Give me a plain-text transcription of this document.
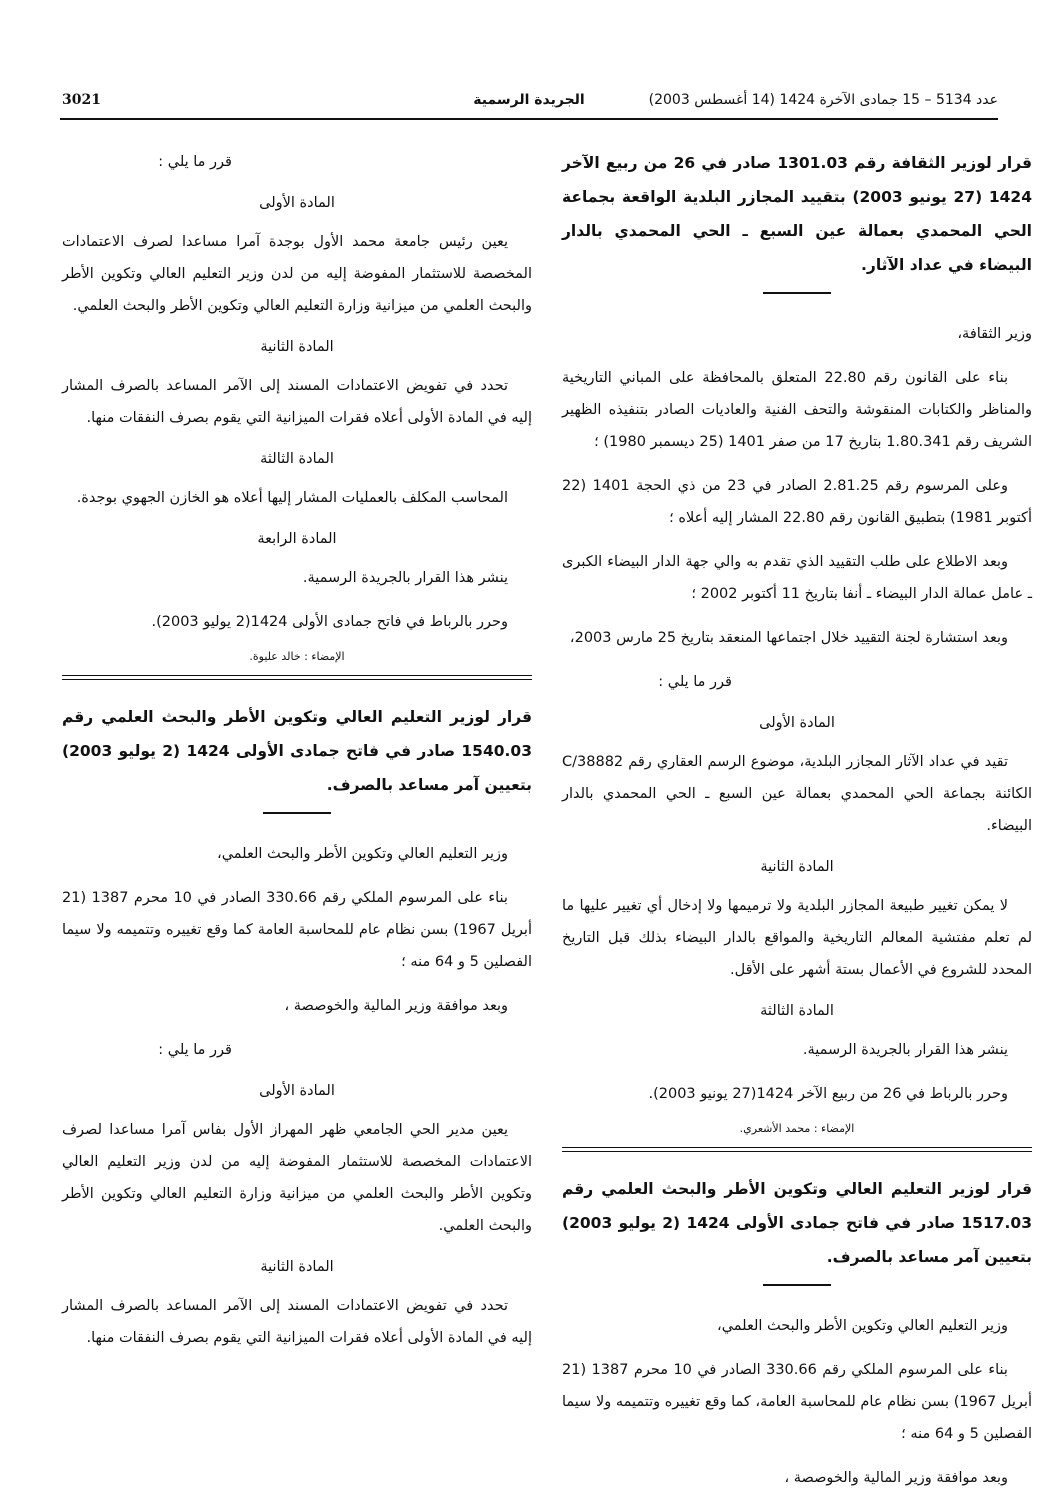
3021	الجريدة الرسمية	عدد 5134 – 15 جمادى الآخرة 1424 (14 أغسطس 2003)

قرار لوزير الثقافة رقم 1301.03 صادر في 26 من ربيع الآخر 1424 (27 يونيو 2003) بتقييد المجازر البلدية الواقعة بجماعة الحي المحمدي بعمالة عين السبع ـ الحي المحمدي بالدار البيضاء في عداد الآثار.

وزير الثقافة،

بناء على القانون رقم 22.80 المتعلق بالمحافظة على المباني التاريخية والمناظر والكتابات المنقوشة والتحف الفنية والعاديات الصادر بتنفيذه الظهير الشريف رقم 1.80.341 بتاريخ 17 من صفر 1401 (25 ديسمبر 1980) ؛

وعلى المرسوم رقم 2.81.25 الصادر في 23 من ذي الحجة 1401 (22 أكتوبر 1981) بتطبيق القانون رقم 22.80 المشار إليه أعلاه ؛

وبعد الاطلاع على طلب التقييد الذي تقدم به والي جهة الدار البيضاء الكبرى ـ عامل عمالة الدار البيضاء ـ أنفا بتاريخ 11 أكتوبر 2002 ؛

وبعد استشارة لجنة التقييد خلال اجتماعها المنعقد بتاريخ 25 مارس 2003،

قرر ما يلي :

المادة الأولى

تقيد في عداد الآثار المجازر البلدية، موضوع الرسم العقاري رقم 38882/C الكائنة بجماعة الحي المحمدي بعمالة عين السبع ـ الحي المحمدي بالدار البيضاء.

المادة الثانية

لا يمكن تغيير طبيعة المجازر البلدية ولا ترميمها ولا إدخال أي تغيير عليها ما لم تعلم مفتشية المعالم التاريخية والمواقع بالدار البيضاء بذلك قبل التاريخ المحدد للشروع في الأعمال بستة أشهر على الأقل.

المادة الثالثة

ينشر هذا القرار بالجريدة الرسمية.

وحرر بالرباط في 26 من ربيع الآخر 1424(27 يونيو 2003).

الإمضاء : محمد الأشعري.

قرار لوزير التعليم العالي وتكوين الأطر والبحث العلمي رقم 1517.03 صادر في فاتح جمادى الأولى 1424 (2 يوليو 2003) بتعيين آمر مساعد بالصرف.

وزير التعليم العالي وتكوين الأطر والبحث العلمي،

بناء على المرسوم الملكي رقم 330.66 الصادر في 10 محرم 1387 (21 أبريل 1967) بسن نظام عام للمحاسبة العامة، كما وقع تغييره وتتميمه ولا سيما الفصلين 5 و 64 منه ؛

وبعد موافقة وزير المالية والخوصصة ،

قرر ما يلي :

المادة الأولى

يعين رئيس جامعة محمد الأول بوجدة آمرا مساعدا لصرف الاعتمادات المخصصة للاستثمار المفوضة إليه من لدن وزير التعليم العالي وتكوين الأطر والبحث العلمي من ميزانية وزارة التعليم العالي وتكوين الأطر والبحث العلمي.

المادة الثانية

تحدد في تفويض الاعتمادات المسند إلى الآمر المساعد بالصرف المشار إليه في المادة الأولى أعلاه فقرات الميزانية التي يقوم بصرف النفقات منها.

المادة الثالثة

المحاسب المكلف بالعمليات المشار إليها أعلاه هو الخازن الجهوي بوجدة.

المادة الرابعة

ينشر هذا القرار بالجريدة الرسمية.

وحرر بالرباط في فاتح جمادى الأولى 1424(2 يوليو 2003).

الإمضاء : خالد عليوة.

قرار لوزير التعليم العالي وتكوين الأطر والبحث العلمي رقم 1540.03 صادر في فاتح جمادى الأولى 1424 (2 يوليو 2003) بتعيين آمر مساعد بالصرف.

وزير التعليم العالي وتكوين الأطر والبحث العلمي،

بناء على المرسوم الملكي رقم 330.66 الصادر في 10 محرم 1387 (21 أبريل 1967) بسن نظام عام للمحاسبة العامة كما وقع تغييره وتتميمه ولا سيما الفصلين 5 و 64 منه ؛

وبعد موافقة وزير المالية والخوصصة ،

قرر ما يلي :

المادة الأولى

يعين مدير الحي الجامعي ظهر المهراز الأول بفاس آمرا مساعدا لصرف الاعتمادات المخصصة للاستثمار المفوضة إليه من لدن وزير التعليم العالي وتكوين الأطر والبحث العلمي من ميزانية وزارة التعليم العالي وتكوين الأطر والبحث العلمي.

المادة الثانية

تحدد في تفويض الاعتمادات المسند إلى الآمر المساعد بالصرف المشار إليه في المادة الأولى أعلاه فقرات الميزانية التي يقوم بصرف النفقات منها.
